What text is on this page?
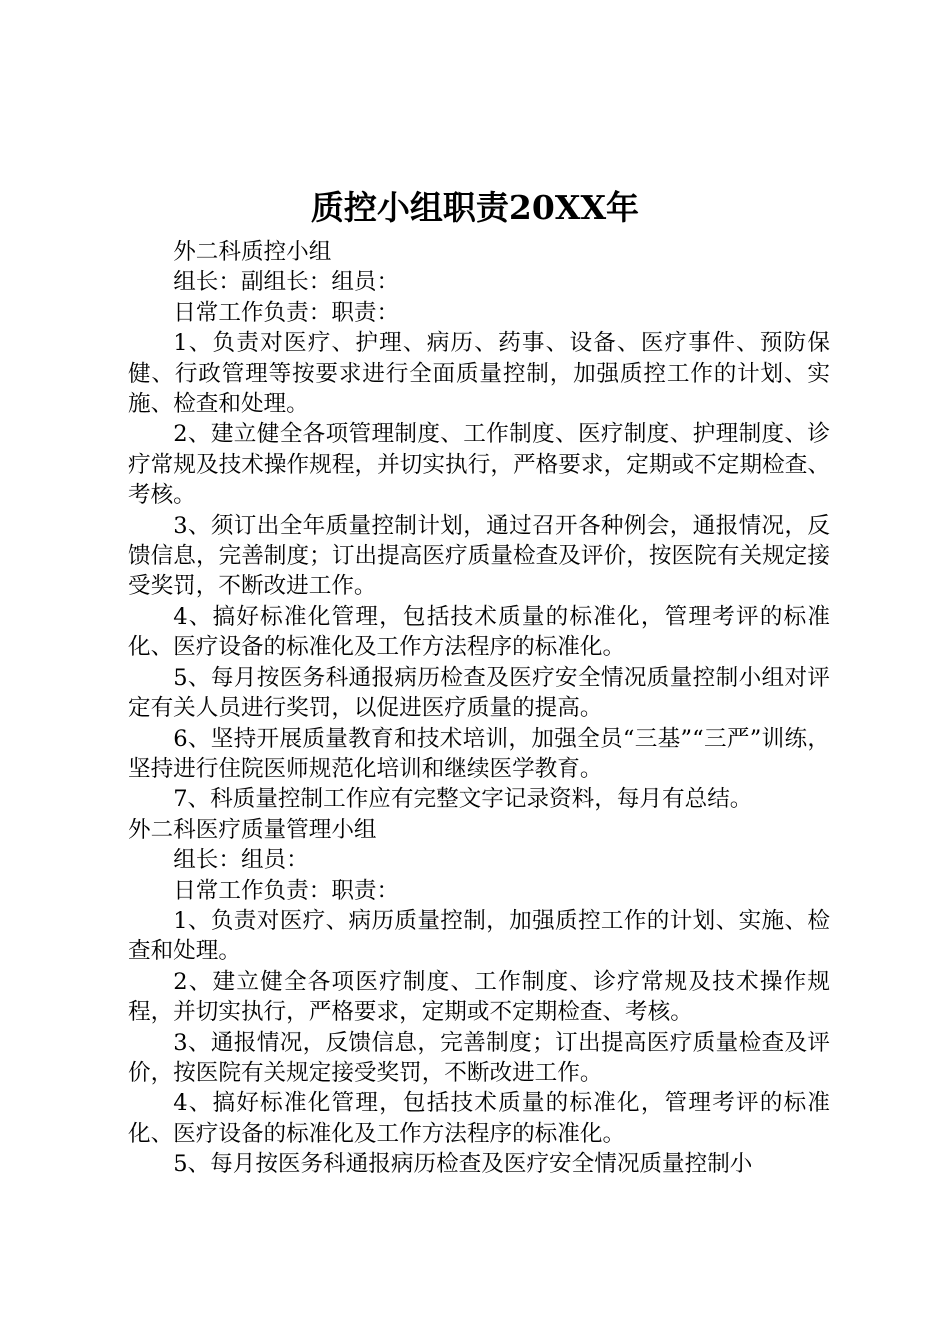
质控小组职责20XX年

外二科质控小组

组长：副组长：组员：

日常工作负责：职责：

1、负责对医疗、护理、病历、药事、设备、医疗事件、预防保健、行政管理等按要求进行全面质量控制，加强质控工作的计划、实施、检查和处理。

2、建立健全各项管理制度、工作制度、医疗制度、护理制度、诊疗常规及技术操作规程，并切实执行，严格要求，定期或不定期检查、考核。

3、须订出全年质量控制计划，通过召开各种例会，通报情况，反馈信息，完善制度；订出提高医疗质量检查及评价，按医院有关规定接受奖罚，不断改进工作。

4、搞好标准化管理，包括技术质量的标准化，管理考评的标准化、医疗设备的标准化及工作方法程序的标准化。

5、每月按医务科通报病历检查及医疗安全情况质量控制小组对评定有关人员进行奖罚，以促进医疗质量的提高。

6、坚持开展质量教育和技术培训，加强全员“三基”“三严”训练，坚持进行住院医师规范化培训和继续医学教育。

7、科质量控制工作应有完整文字记录资料，每月有总结。

外二科医疗质量管理小组

组长：组员：

日常工作负责：职责：

1、负责对医疗、病历质量控制，加强质控工作的计划、实施、检查和处理。

2、建立健全各项医疗制度、工作制度、诊疗常规及技术操作规程，并切实执行，严格要求，定期或不定期检查、考核。

3、通报情况，反馈信息，完善制度；订出提高医疗质量检查及评价，按医院有关规定接受奖罚，不断改进工作。

4、搞好标准化管理，包括技术质量的标准化，管理考评的标准化、医疗设备的标准化及工作方法程序的标准化。

5、每月按医务科通报病历检查及医疗安全情况质量控制小
